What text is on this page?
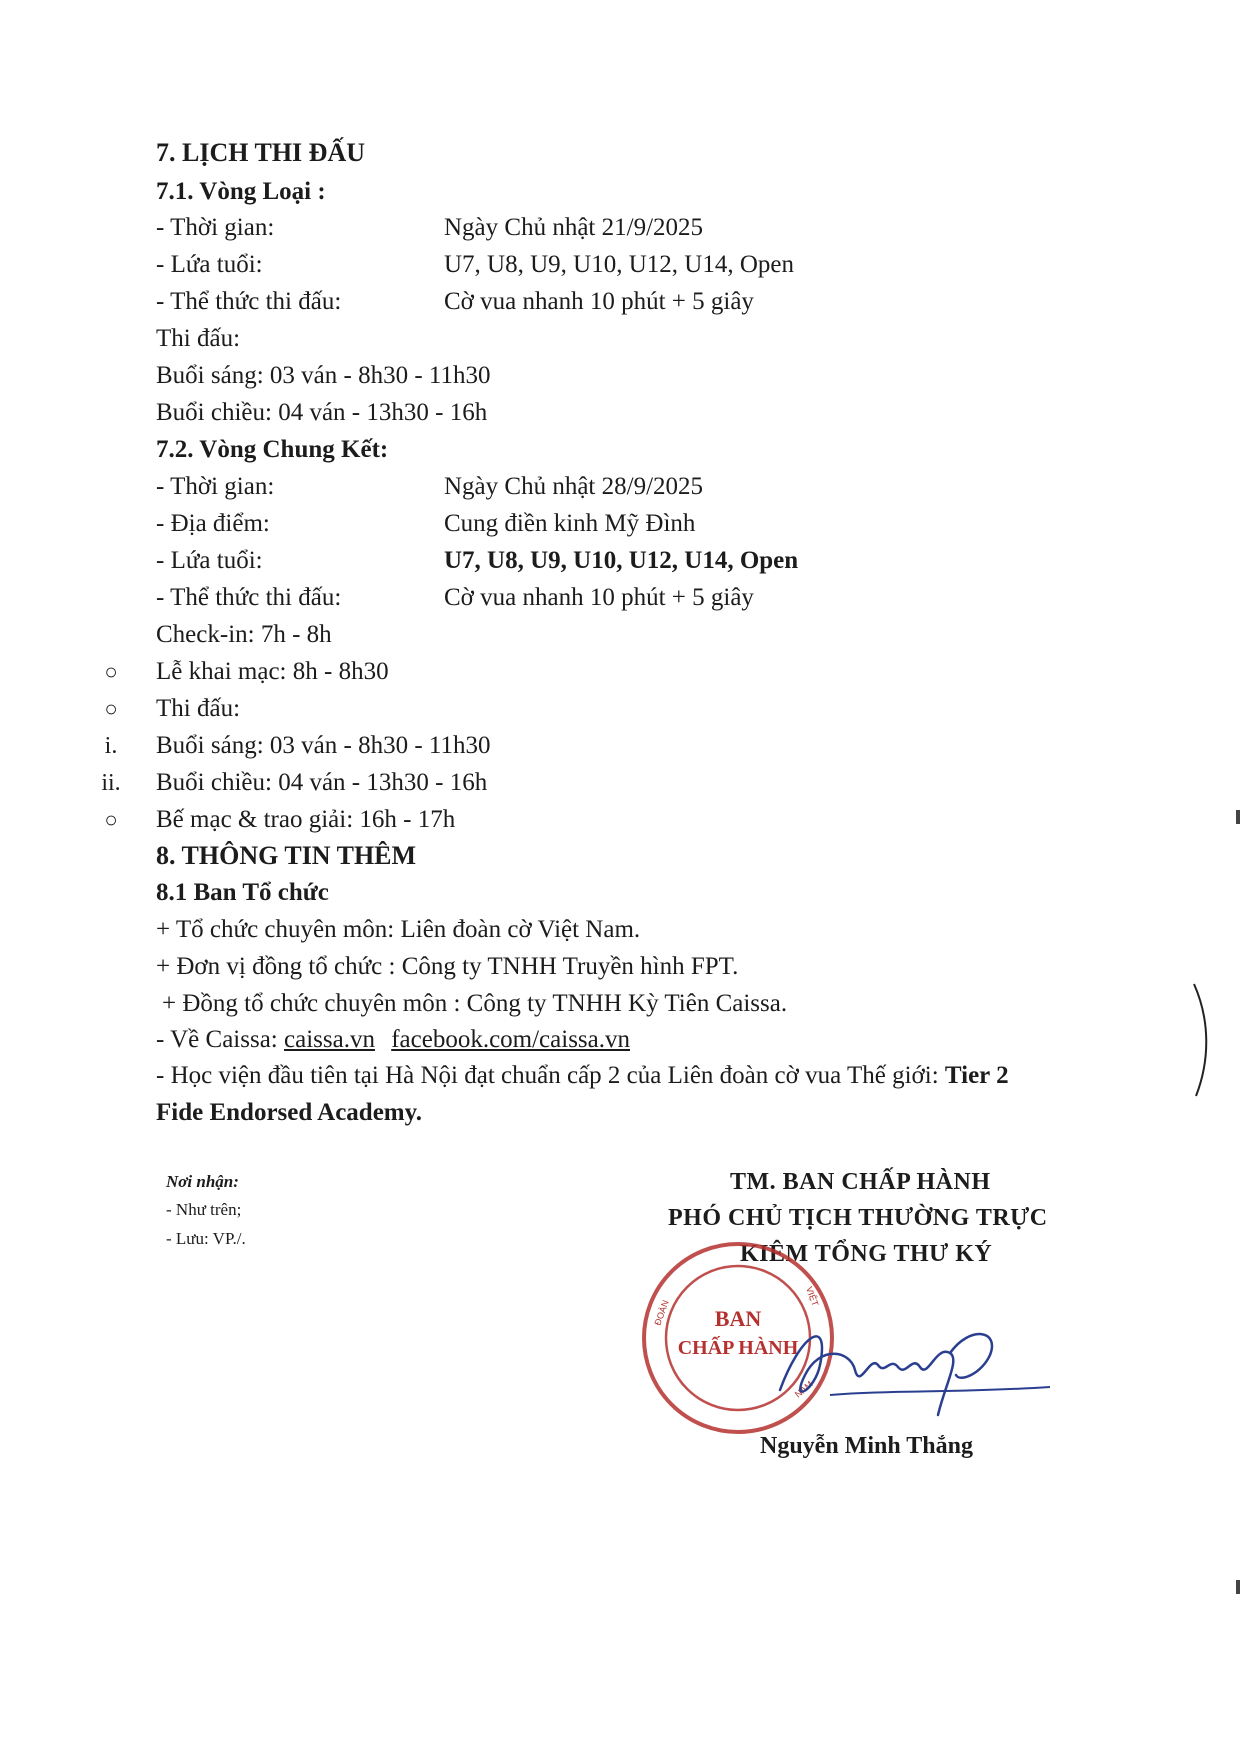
7. LỊCH THI ĐẤU
7.1. Vòng Loại :
- Thời gian:	Ngày Chủ nhật 21/9/2025
- Lứa tuổi:	U7, U8, U9, U10, U12, U14, Open
- Thể thức thi đấu:	Cờ vua nhanh 10 phút + 5 giây
Thi đấu:
Buổi sáng: 03 ván - 8h30 - 11h30
Buổi chiều: 04 ván - 13h30 - 16h
7.2. Vòng Chung Kết:
- Thời gian:	Ngày Chủ nhật 28/9/2025
- Địa điểm:	Cung điền kinh Mỹ Đình
- Lứa tuổi:	U7, U8, U9, U10, U12, U14, Open
- Thể thức thi đấu:	Cờ vua nhanh 10 phút + 5 giây
Check-in: 7h - 8h
○ Lễ khai mạc: 8h - 8h30
○ Thi đấu:
i. Buổi sáng: 03 ván - 8h30 - 11h30
ii. Buổi chiều: 04 ván - 13h30 - 16h
○ Bế mạc & trao giải: 16h - 17h
8. THÔNG TIN THÊM
8.1 Ban Tổ chức
+ Tổ chức chuyên môn: Liên đoàn cờ Việt Nam.
+ Đơn vị đồng tổ chức : Công ty TNHH Truyền hình FPT.
+ Đồng tổ chức chuyên môn : Công ty TNHH Kỳ Tiên Caissa.
- Về Caissa: caissa.vn facebook.com/caissa.vn
- Học viện đầu tiên tại Hà Nội đạt chuẩn cấp 2 của Liên đoàn cờ vua Thế giới: Tier 2
Fide Endorsed Academy.
Nơi nhận:
- Như trên;
- Lưu: VP./.
TM. BAN CHẤP HÀNH
PHÓ CHỦ TỊCH THƯỜNG TRỰC
KIÊM TỔNG THƯ KÝ
BAN
CHẤP HÀNH
ĐOÀN
VIỆT
NAM
Nguyễn Minh Thắng
